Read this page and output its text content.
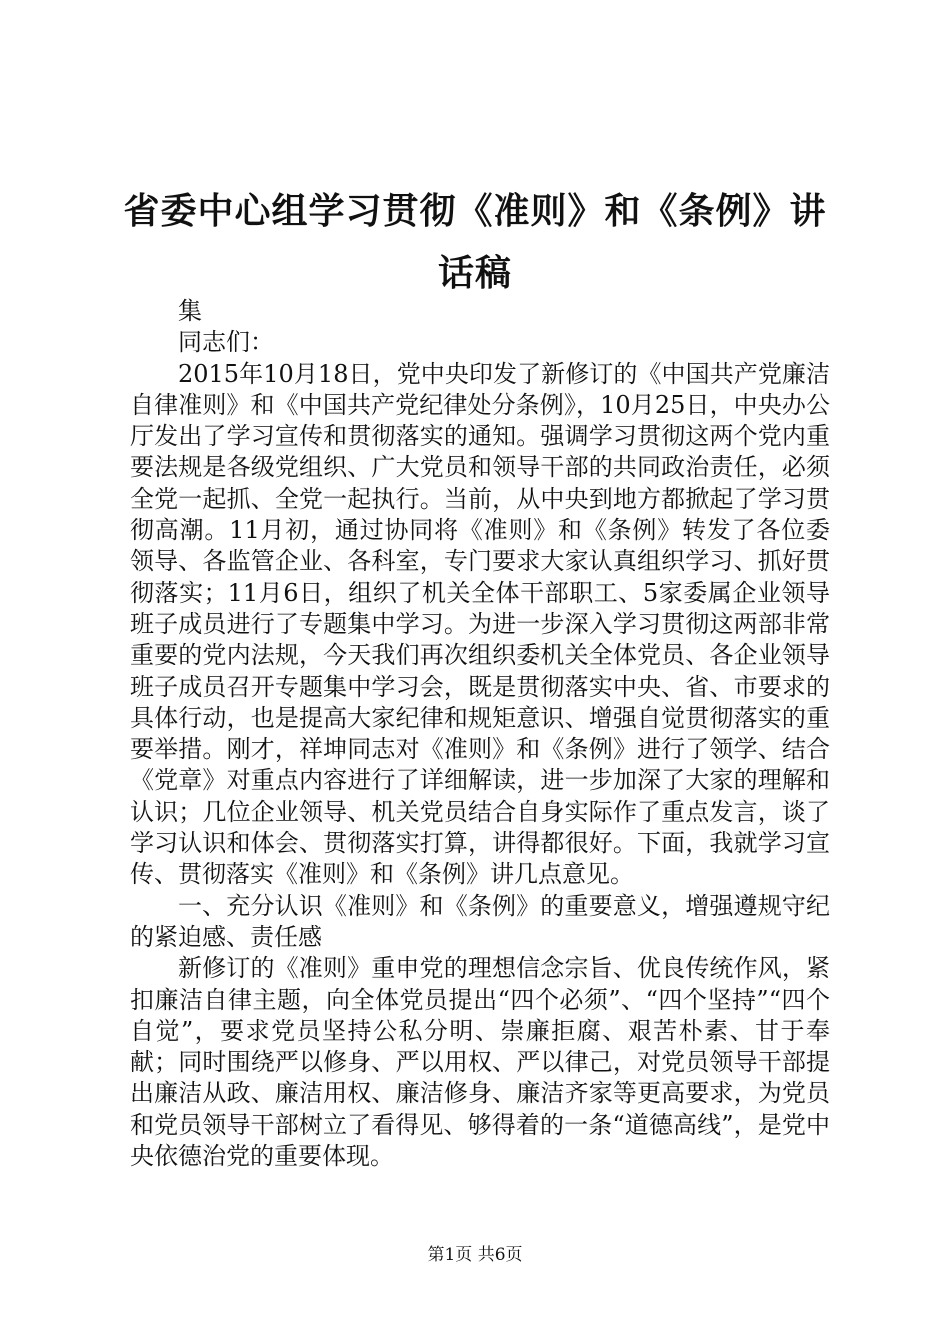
省委中心组学习贯彻《准则》和《条例》讲话稿

集

同志们：

2015年10月18日，党中央印发了新修订的《中国共产党廉洁自律准则》和《中国共产党纪律处分条例》，10月25日，中央办公厅发出了学习宣传和贯彻落实的通知。强调学习贯彻这两个党内重要法规是各级党组织、广大党员和领导干部的共同政治责任，必须全党一起抓、全党一起执行。当前，从中央到地方都掀起了学习贯彻高潮。11月初，通过协同将《准则》和《条例》转发了各位委领导、各监管企业、各科室，专门要求大家认真组织学习、抓好贯彻落实；11月6日，组织了机关全体干部职工、5家委属企业领导班子成员进行了专题集中学习。为进一步深入学习贯彻这两部非常重要的党内法规，今天我们再次组织委机关全体党员、各企业领导班子成员召开专题集中学习会，既是贯彻落实中央、省、市要求的具体行动，也是提高大家纪律和规矩意识、增强自觉贯彻落实的重要举措。刚才，祥坤同志对《准则》和《条例》进行了领学、结合《党章》对重点内容进行了详细解读，进一步加深了大家的理解和认识；几位企业领导、机关党员结合自身实际作了重点发言，谈了学习认识和体会、贯彻落实打算，讲得都很好。下面，我就学习宣传、贯彻落实《准则》和《条例》讲几点意见。

一、充分认识《准则》和《条例》的重要意义，增强遵规守纪的紧迫感、责任感

新修订的《准则》重申党的理想信念宗旨、优良传统作风，紧扣廉洁自律主题，向全体党员提出“四个必须”、“四个坚持”“四个自觉”，要求党员坚持公私分明、崇廉拒腐、艰苦朴素、甘于奉献；同时围绕严以修身、严以用权、严以律己，对党员领导干部提出廉洁从政、廉洁用权、廉洁修身、廉洁齐家等更高要求，为党员和党员领导干部树立了看得见、够得着的一条“道德高线”，是党中央依德治党的重要体现。

第1页 共6页
